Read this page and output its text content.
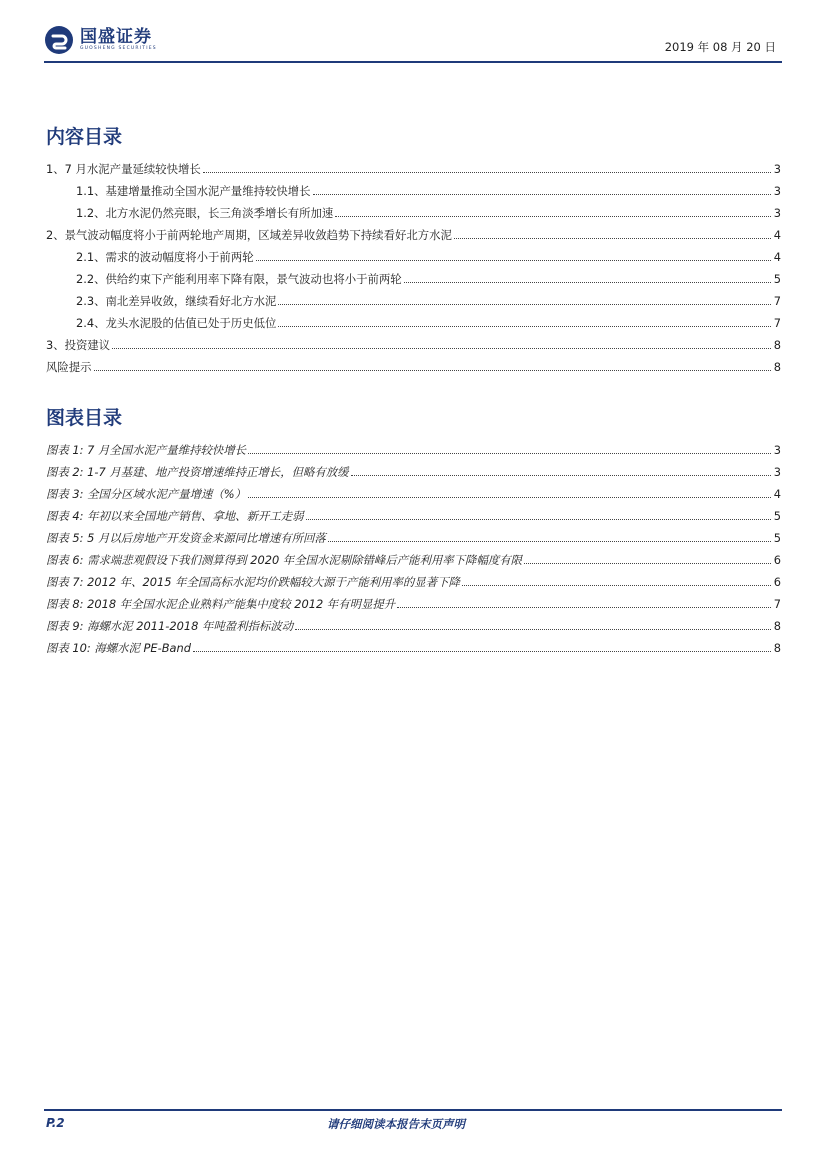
国盛证券
GUOSHENG SECURITIES	2019 年 08 月 20 日
内容目录
1、7 月水泥产量延续较快增长	3
1.1、基建增量推动全国水泥产量维持较快增长	3
1.2、北方水泥仍然亮眼，长三角淡季增长有所加速	3
2、景气波动幅度将小于前两轮地产周期，区域差异收敛趋势下持续看好北方水泥	4
2.1、需求的波动幅度将小于前两轮	4
2.2、供给约束下产能利用率下降有限，景气波动也将小于前两轮	5
2.3、南北差异收敛，继续看好北方水泥	7
2.4、龙头水泥股的估值已处于历史低位	7
3、投资建议	8
风险提示	8
图表目录
图表 1: 7 月全国水泥产量维持较快增长	3
图表 2: 1-7 月基建、地产投资增速维持正增长，但略有放缓	3
图表 3: 全国分区域水泥产量增速（%）	4
图表 4: 年初以来全国地产销售、拿地、新开工走弱	5
图表 5: 5 月以后房地产开发资金来源同比增速有所回落	5
图表 6: 需求端悲观假设下我们测算得到 2020 年全国水泥剔除错峰后产能利用率下降幅度有限	6
图表 7: 2012 年、2015 年全国高标水泥均价跌幅较大源于产能利用率的显著下降	6
图表 8: 2018 年全国水泥企业熟料产能集中度较 2012 年有明显提升	7
图表 9: 海螺水泥 2011-2018 年吨盈利指标波动	8
图表 10: 海螺水泥 PE-Band	8
P.2	请仔细阅读本报告末页声明
